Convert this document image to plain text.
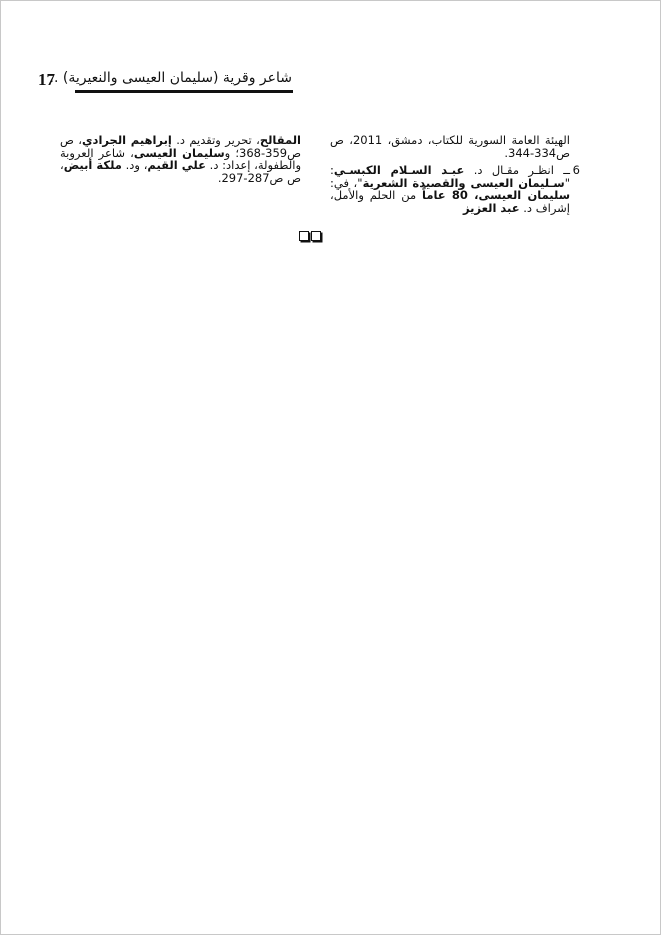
17
شاعر وقرية (سليمان العيسى والنعيرية) ..

الهيئة العامة السورية للكتاب، دمشق، 2011، ص ص334-344.

6
ــ انظـر مقـال د. عبـد السـلام الكبسـي: "سـليمان العيسى والقصيدة الشعرية"، في: سليمان العيسى، 80 عاماً من الحلم والأمل، إشراف د. عبد العزيز

المقالح، تحرير وتقديم د. إبراهيم الجرادي، ص ص359-368؛ وسليمان العيسى، شاعر العروبة والطفولة، إعداد: د. علي القيم، ود. ملكة أبيض، ص ص287-297.
